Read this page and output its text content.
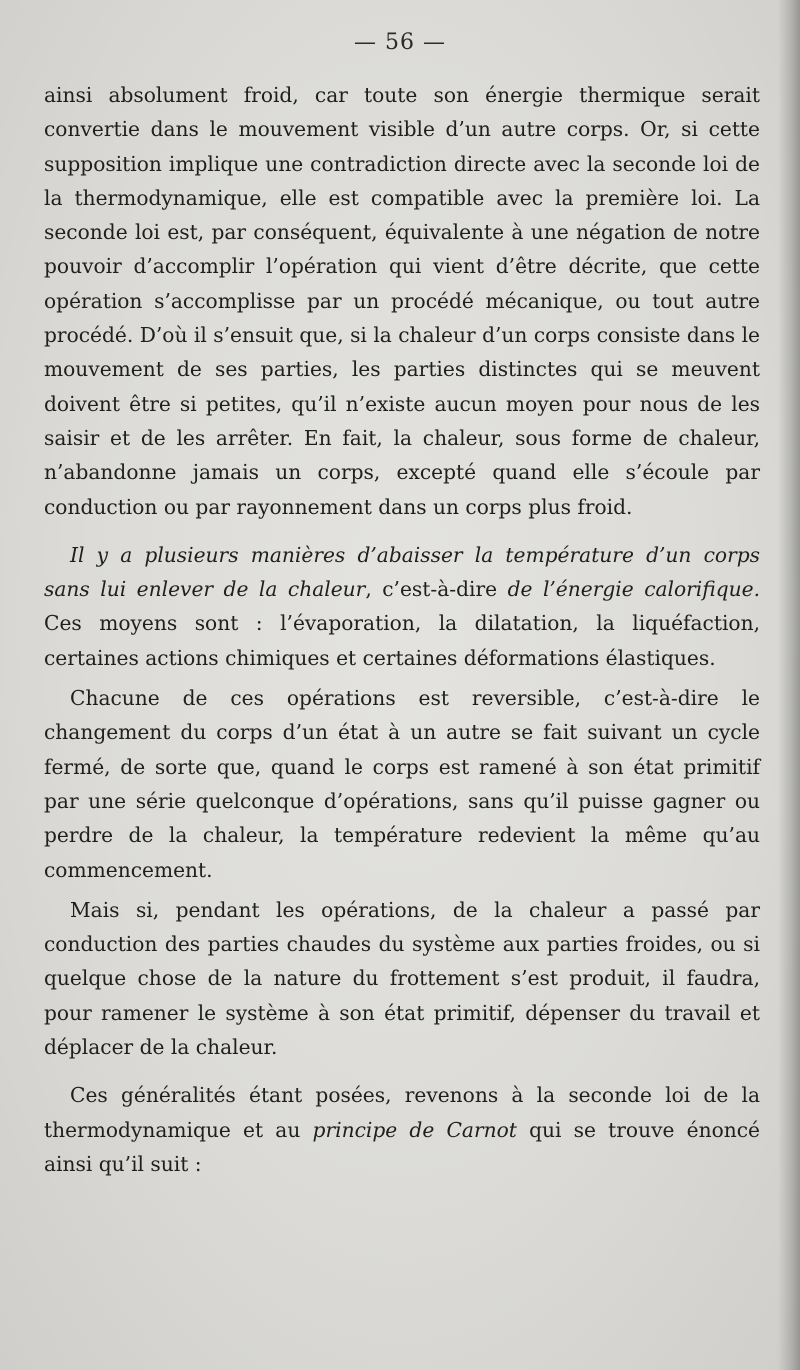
— 56 —

ainsi absolument froid, car toute son énergie thermique serait convertie dans le mouvement visible d’un autre corps. Or, si cette supposition implique une contradiction directe avec la seconde loi de la thermodynamique, elle est compatible avec la première loi. La seconde loi est, par conséquent, équivalente à une négation de notre pouvoir d’accomplir l’opération qui vient d’être décrite, que cette opération s’accomplisse par un procédé mécanique, ou tout autre procédé. D’où il s’ensuit que, si la chaleur d’un corps consiste dans le mouvement de ses parties, les parties distinctes qui se meuvent doivent être si petites, qu’il n’existe aucun moyen pour nous de les saisir et de les arrêter. En fait, la chaleur, sous forme de chaleur, n’abandonne jamais un corps, excepté quand elle s’écoule par conduction ou par rayonnement dans un corps plus froid.

Il y a plusieurs manières d’abaisser la température d’un corps sans lui enlever de la chaleur, c’est-à-dire de l’énergie calorifique. Ces moyens sont : l’évaporation, la dilatation, la liquéfaction, certaines actions chimiques et certaines déformations élastiques.

Chacune de ces opérations est reversible, c’est-à-dire le changement du corps d’un état à un autre se fait suivant un cycle fermé, de sorte que, quand le corps est ramené à son état primitif par une série quelconque d’opérations, sans qu’il puisse gagner ou perdre de la chaleur, la température redevient la même qu’au commencement.

Mais si, pendant les opérations, de la chaleur a passé par conduction des parties chaudes du système aux parties froides, ou si quelque chose de la nature du frottement s’est produit, il faudra, pour ramener le système à son état primitif, dépenser du travail et déplacer de la chaleur.

Ces généralités étant posées, revenons à la seconde loi de la thermodynamique et au principe de Carnot qui se trouve énoncé ainsi qu’il suit :
